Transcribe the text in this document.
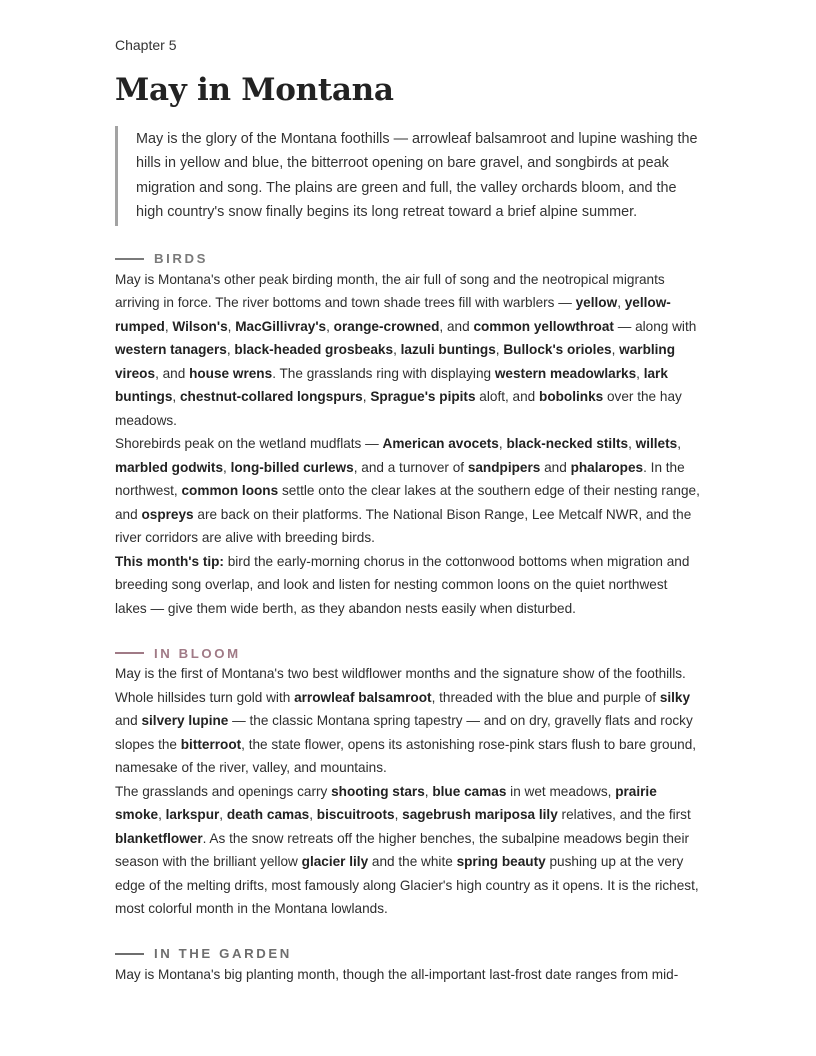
Chapter 5

May in Montana
May is the glory of the Montana foothills — arrowleaf balsamroot and lupine washing the hills in yellow and blue, the bitterroot opening on bare gravel, and songbirds at peak migration and song. The plains are green and full, the valley orchards bloom, and the high country's snow finally begins its long retreat toward a brief alpine summer.
BIRDS

May is Montana's other peak birding month, the air full of song and the neotropical migrants arriving in force. The river bottoms and town shade trees fill with warblers — yellow, yellow-rumped, Wilson's, MacGillivray's, orange-crowned, and common yellowthroat — along with western tanagers, black-headed grosbeaks, lazuli buntings, Bullock's orioles, warbling vireos, and house wrens. The grasslands ring with displaying western meadowlarks, lark buntings, chestnut-collared longspurs, Sprague's pipits aloft, and bobolinks over the hay meadows.

Shorebirds peak on the wetland mudflats — American avocets, black-necked stilts, willets, marbled godwits, long-billed curlews, and a turnover of sandpipers and phalaropes. In the northwest, common loons settle onto the clear lakes at the southern edge of their nesting range, and ospreys are back on their platforms. The National Bison Range, Lee Metcalf NWR, and the river corridors are alive with breeding birds.

This month's tip: bird the early-morning chorus in the cottonwood bottoms when migration and breeding song overlap, and look and listen for nesting common loons on the quiet northwest lakes — give them wide berth, as they abandon nests easily when disturbed.

IN BLOOM

May is the first of Montana's two best wildflower months and the signature show of the foothills. Whole hillsides turn gold with arrowleaf balsamroot, threaded with the blue and purple of silky and silvery lupine — the classic Montana spring tapestry — and on dry, gravelly flats and rocky slopes the bitterroot, the state flower, opens its astonishing rose-pink stars flush to bare ground, namesake of the river, valley, and mountains.

The grasslands and openings carry shooting stars, blue camas in wet meadows, prairie smoke, larkspur, death camas, biscuitroots, sagebrush mariposa lily relatives, and the first blanketflower. As the snow retreats off the higher benches, the subalpine meadows begin their season with the brilliant yellow glacier lily and the white spring beauty pushing up at the very edge of the melting drifts, most famously along Glacier's high country as it opens. It is the richest, most colorful month in the Montana lowlands.

IN THE GARDEN

May is Montana's big planting month, though the all-important last-frost date ranges from mid-
